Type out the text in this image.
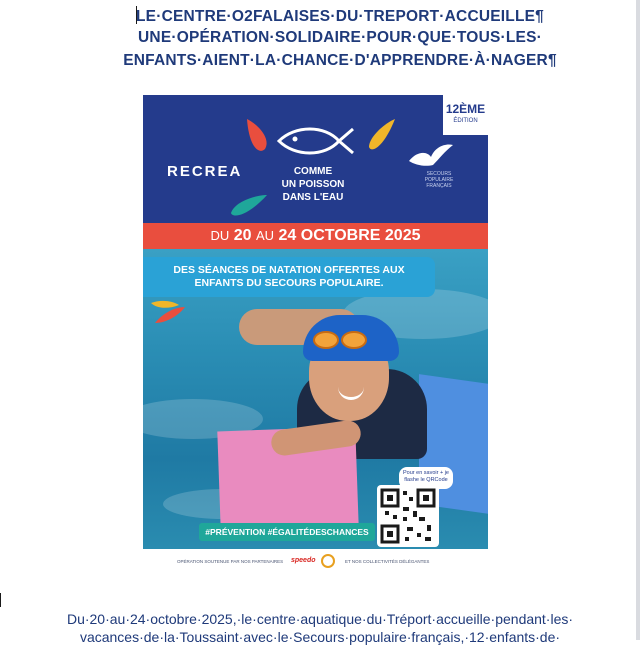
LE·CENTRE·O2FALAISES·DU·TREPORT·ACCUEILLE¶
UNE·OPÉRATION·SOLIDAIRE·POUR·QUE·TOUS·LES·
ENFANTS·AIENT·LA·CHANCE·D'APPRENDRE·À·NAGER¶
RECREA	COMME
UN POISSON
DANS L'EAU
SECOURS POPULAIRE FRANÇAIS
12ÈME
ÉDITION
DU 20 AU 24 OCTOBRE 2025
DES SÉANCES DE NATATION OFFERTES AUX
ENFANTS DU SECOURS POPULAIRE.
Pour en savoir + je flashe le QRCode
#PRÉVENTION #ÉGALITÉDESCHANCES
OPÉRATION SOUTENUE PAR NOS PARTENAIRES speedo	ET NOS COLLECTIVITÉS DÉLÉGANTES
Du·20·au·24·octobre·2025,·le·centre·aquatique·du·Tréport·accueille·pendant·les·
vacances·de·la·Toussaint·avec·le·Secours·populaire·français,·12·enfants·de·
